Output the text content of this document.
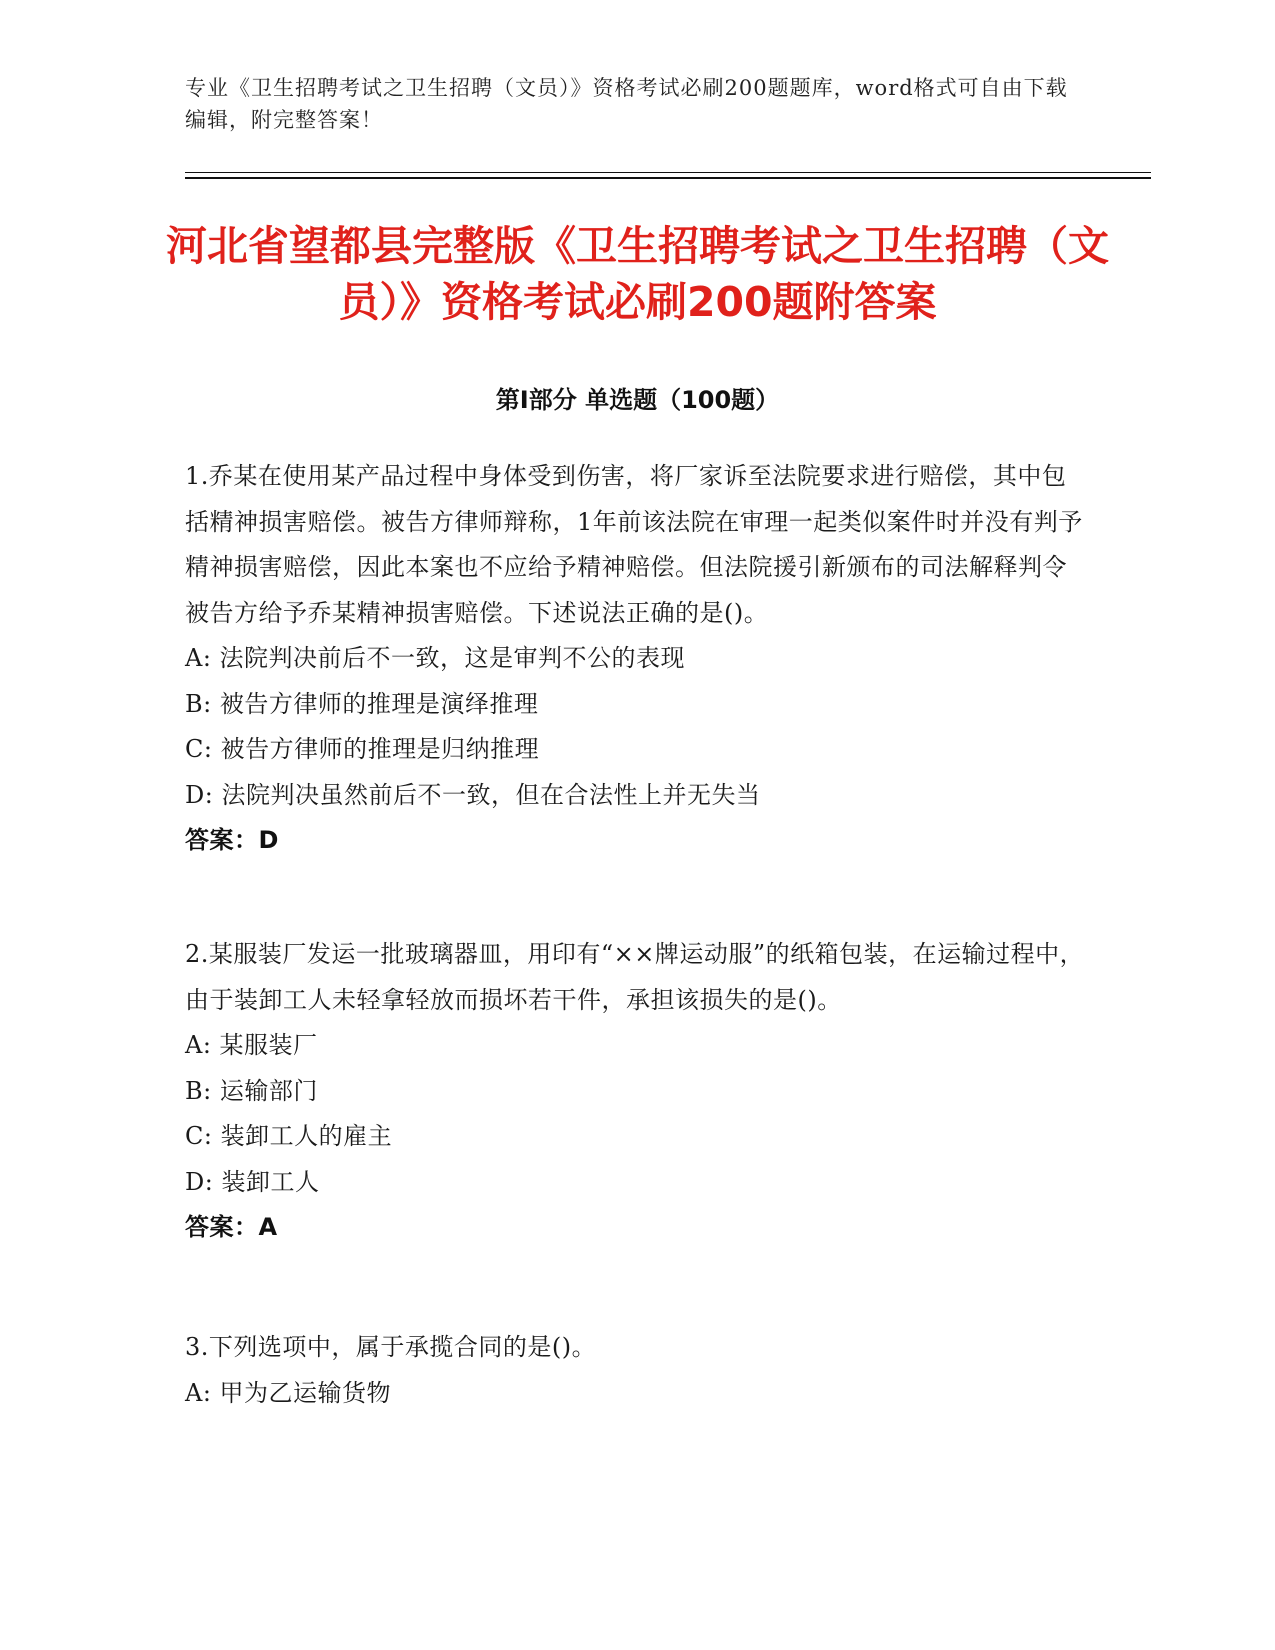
专业《卫生招聘考试之卫生招聘（文员）》资格考试必刷200题题库，word格式可自由下载编辑，附完整答案！
河北省望都县完整版《卫生招聘考试之卫生招聘（文员）》资格考试必刷200题附答案
第Ⅰ部分 单选题（100题）

1.乔某在使用某产品过程中身体受到伤害，将厂家诉至法院要求进行赔偿，其中包括精神损害赔偿。被告方律师辩称，1年前该法院在审理一起类似案件时并没有判予精神损害赔偿，因此本案也不应给予精神赔偿。但法院援引新颁布的司法解释判令被告方给予乔某精神损害赔偿。下述说法正确的是()。

A: 法院判决前后不一致，这是审判不公的表现

B: 被告方律师的推理是演绎推理

C: 被告方律师的推理是归纳推理

D: 法院判决虽然前后不一致，但在合法性上并无失当

答案：D

2.某服装厂发运一批玻璃器皿，用印有“××牌运动服”的纸箱包装，在运输过程中，由于装卸工人未轻拿轻放而损坏若干件，承担该损失的是()。

A: 某服装厂

B: 运输部门

C: 装卸工人的雇主

D: 装卸工人

答案：A

3.下列选项中，属于承揽合同的是()。

A: 甲为乙运输货物
